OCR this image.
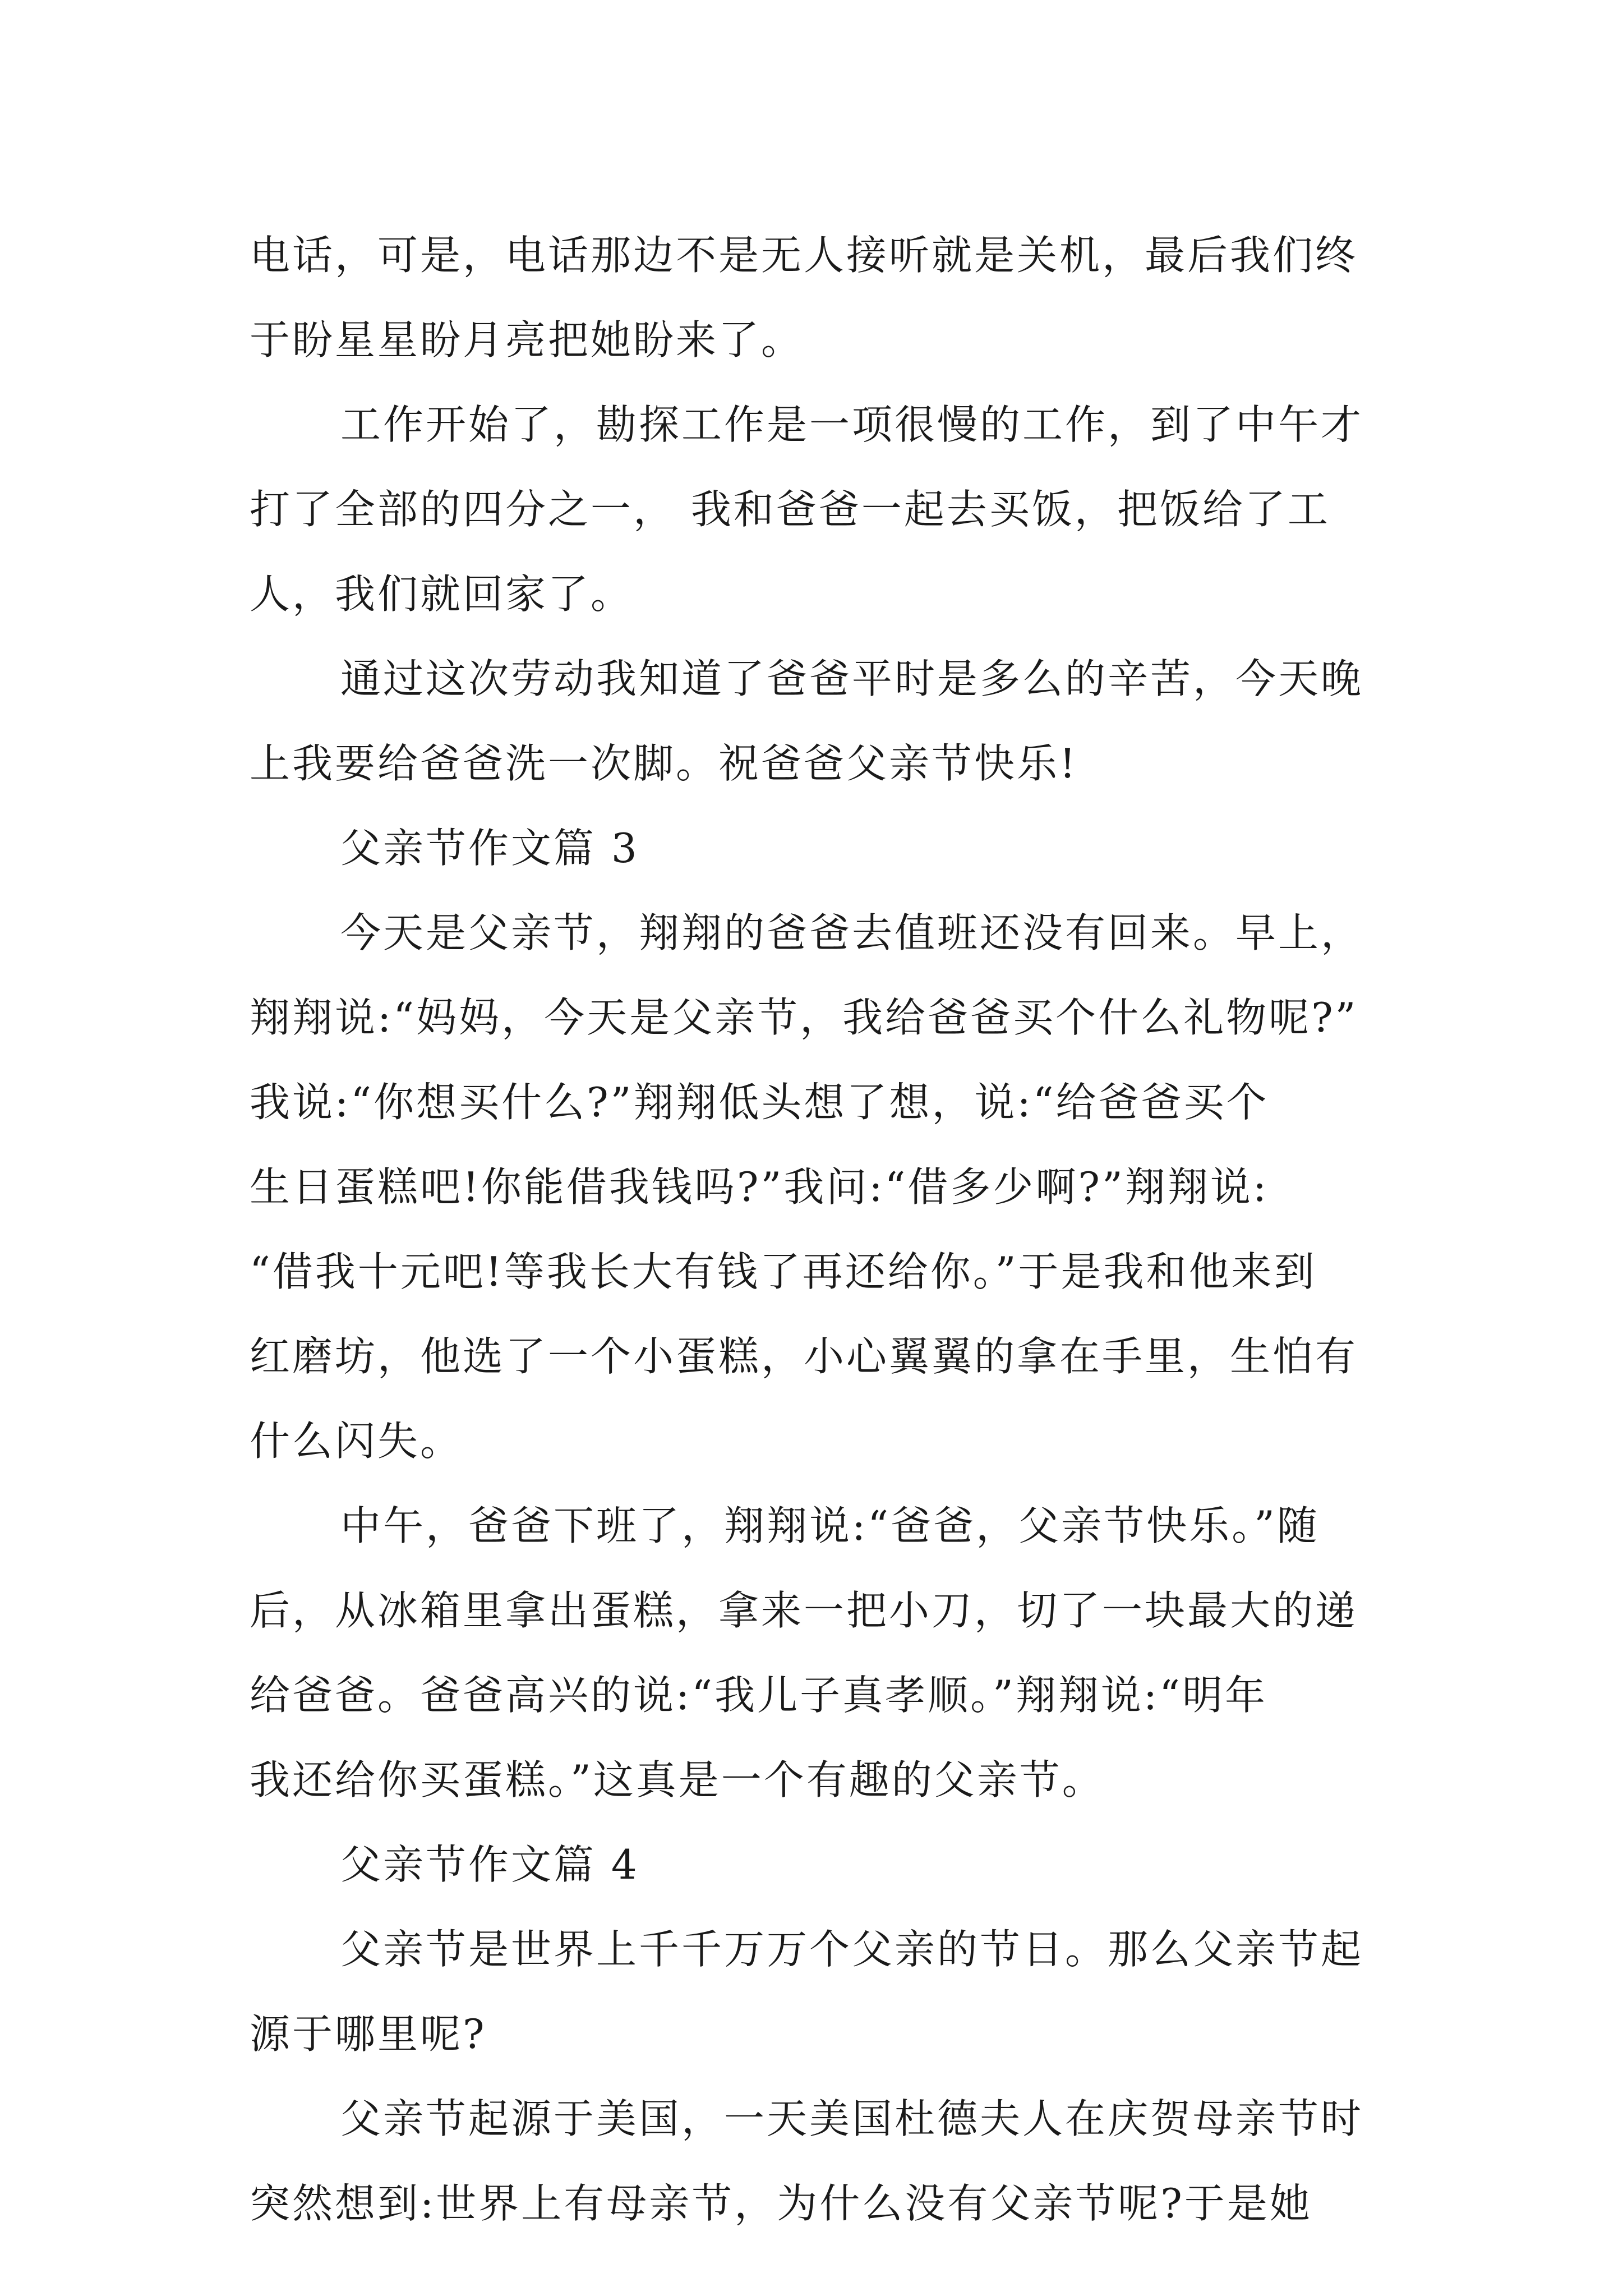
电话，可是，电话那边不是无人接听就是关机，最后我们终
于盼星星盼月亮把她盼来了。
工作开始了，勘探工作是一项很慢的工作，到了中午才
打了全部的四分之一， 我和爸爸一起去买饭，把饭给了工
人，我们就回家了。
通过这次劳动我知道了爸爸平时是多么的辛苦，今天晚
上我要给爸爸洗一次脚。祝爸爸父亲节快乐!
父亲节作文篇 3
今天是父亲节，翔翔的爸爸去值班还没有回来。早上，
翔翔说:“妈妈，今天是父亲节，我给爸爸买个什么礼物呢?”
我说:“你想买什么?”翔翔低头想了想，说:“给爸爸买个
生日蛋糕吧!你能借我钱吗?”我问:“借多少啊?”翔翔说:
“借我十元吧!等我长大有钱了再还给你。”于是我和他来到
红磨坊，他选了一个小蛋糕，小心翼翼的拿在手里，生怕有
什么闪失。
中午，爸爸下班了，翔翔说:“爸爸，父亲节快乐。”随
后，从冰箱里拿出蛋糕，拿来一把小刀，切了一块最大的递
给爸爸。爸爸高兴的说:“我儿子真孝顺。”翔翔说:“明年
我还给你买蛋糕。”这真是一个有趣的父亲节。
父亲节作文篇 4
父亲节是世界上千千万万个父亲的节日。那么父亲节起
源于哪里呢?
父亲节起源于美国，一天美国杜德夫人在庆贺母亲节时
突然想到:世界上有母亲节，为什么没有父亲节呢?于是她
